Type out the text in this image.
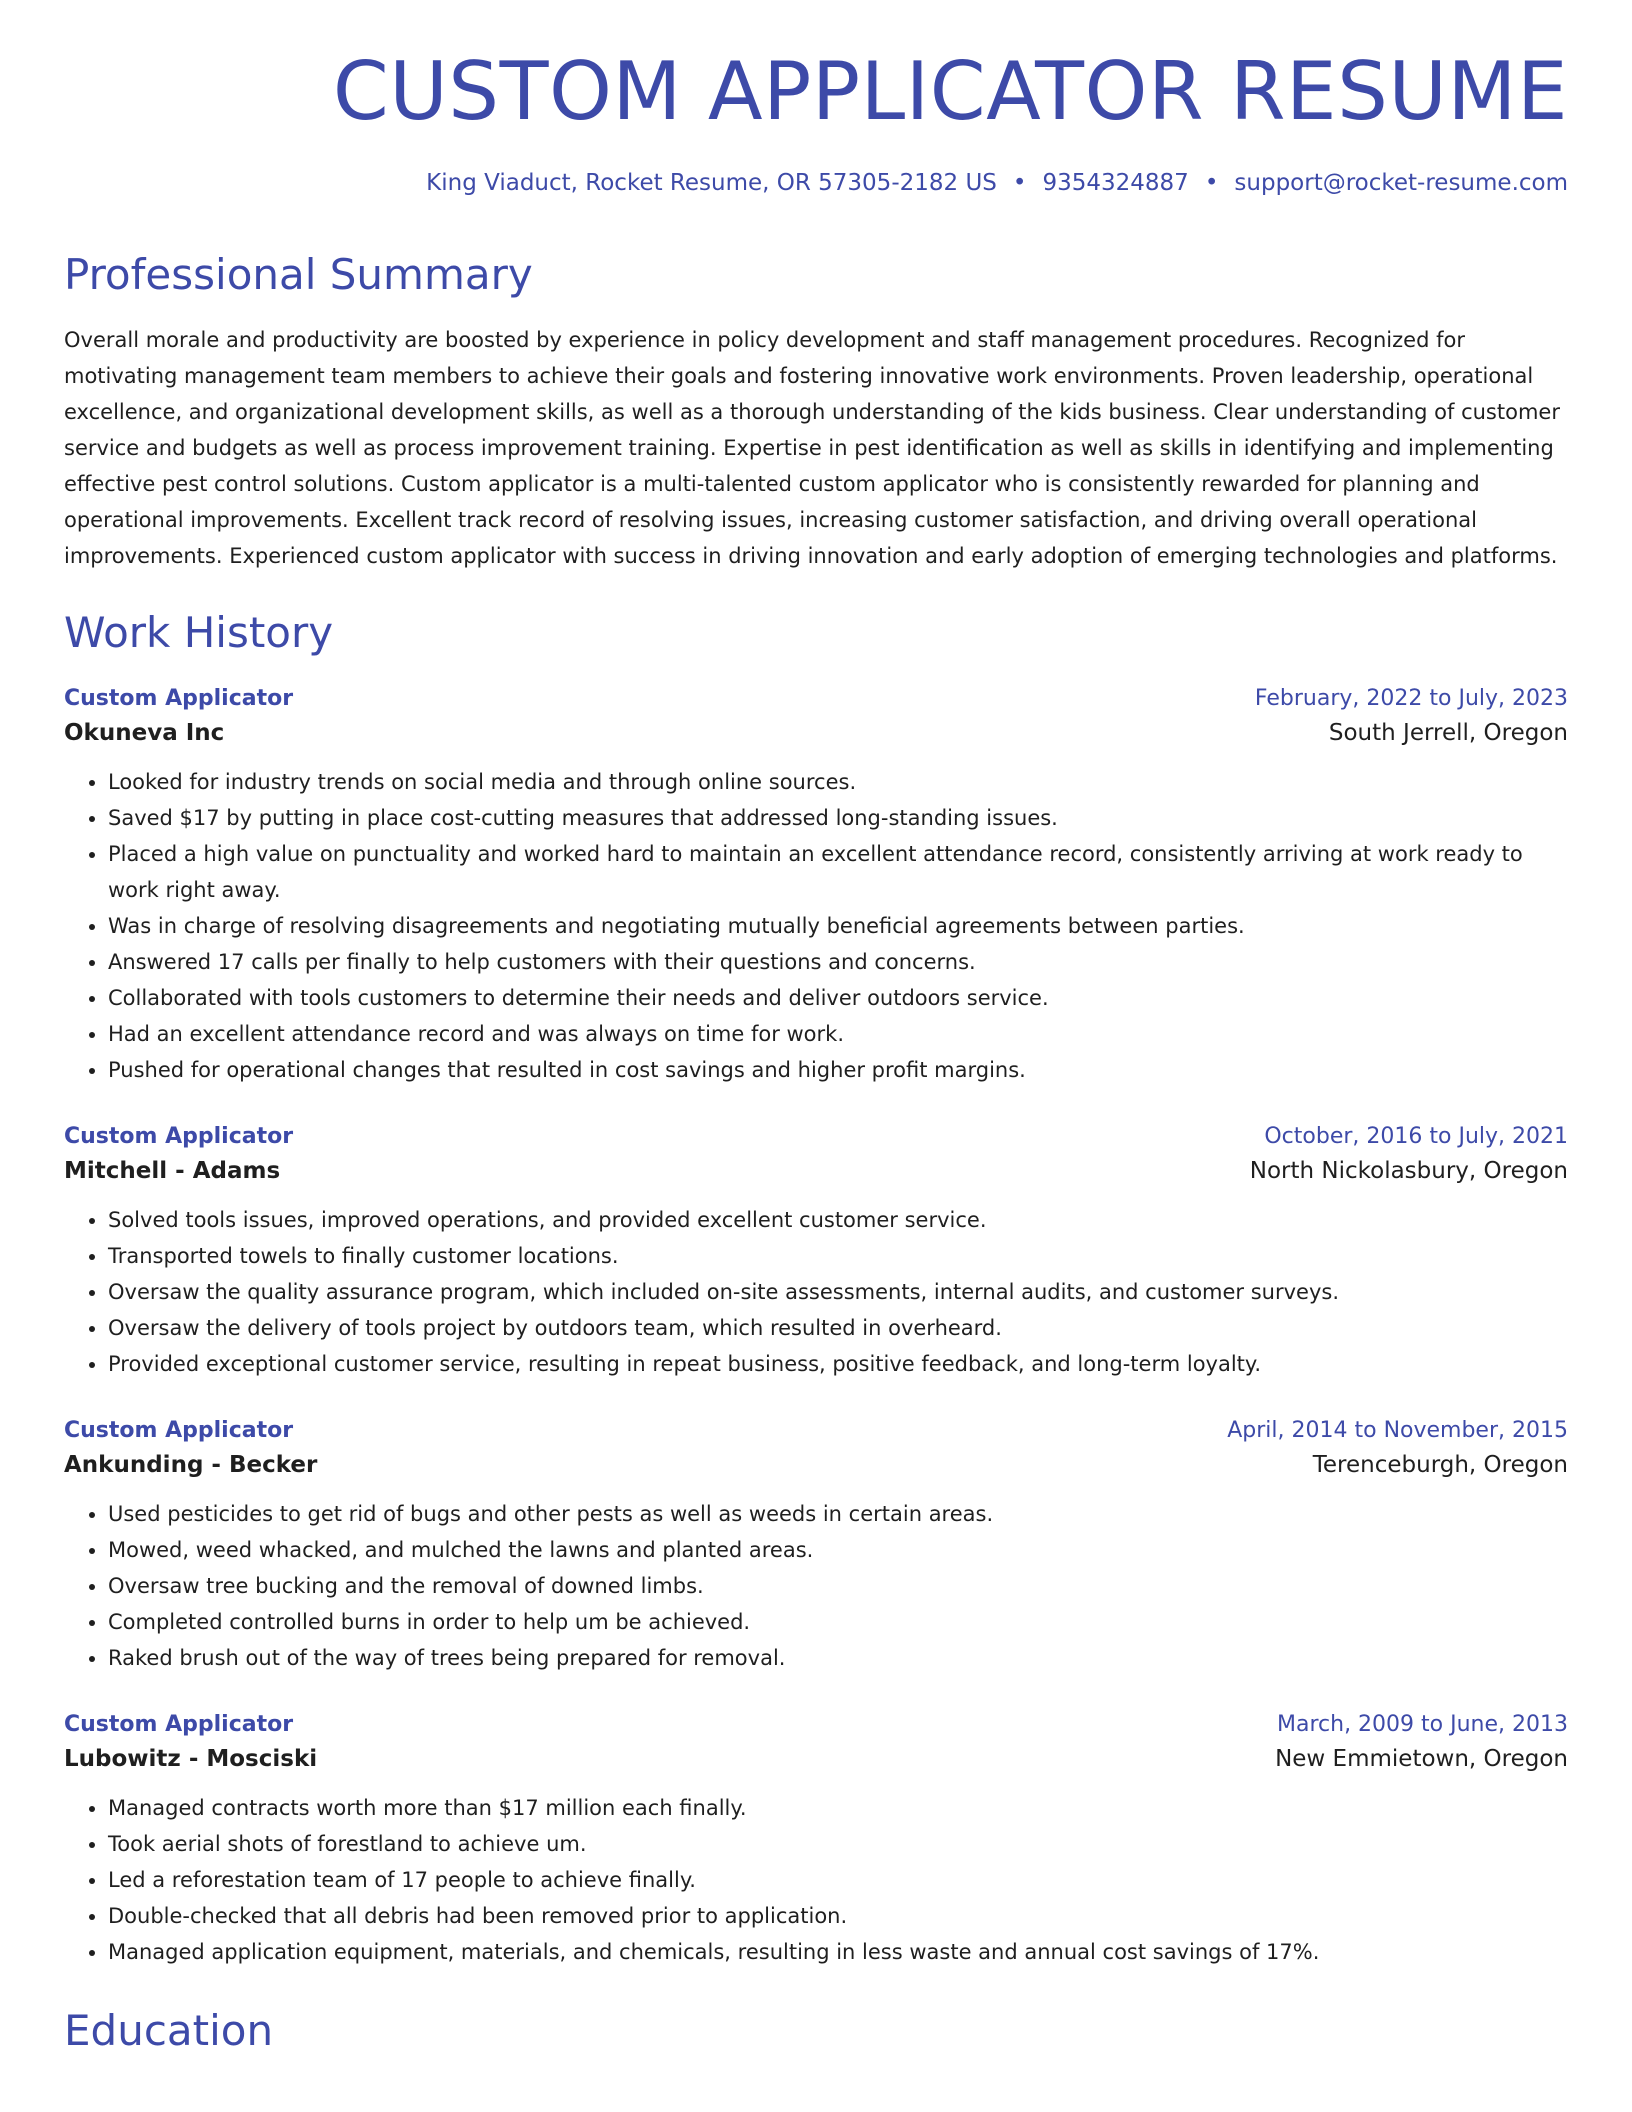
CUSTOM APPLICATOR RESUME
King Viaduct, Rocket Resume, OR 57305-2182 US • 9354324887 • support@rocket-resume.com
Professional Summary

Overall morale and productivity are boosted by experience in policy development and staff management procedures. Recognized for motivating management team members to achieve their goals and fostering innovative work environments. Proven leadership, operational excellence, and organizational development skills, as well as a thorough understanding of the kids business. Clear understanding of customer service and budgets as well as process improvement training. Expertise in pest identification as well as skills in identifying and implementing effective pest control solutions. Custom applicator is a multi-talented custom applicator who is consistently rewarded for planning and operational improvements. Excellent track record of resolving issues, increasing customer satisfaction, and driving overall operational improvements. Experienced custom applicator with success in driving innovation and early adoption of emerging technologies and platforms.

Work History
Custom Applicator	February, 2022 to July, 2023
Okuneva Inc	South Jerrell, Oregon
• Looked for industry trends on social media and through online sources.
• Saved $17 by putting in place cost-cutting measures that addressed long-standing issues.
• Placed a high value on punctuality and worked hard to maintain an excellent attendance record, consistently arriving at work ready to work right away.
• Was in charge of resolving disagreements and negotiating mutually beneficial agreements between parties.
• Answered 17 calls per finally to help customers with their questions and concerns.
• Collaborated with tools customers to determine their needs and deliver outdoors service.
• Had an excellent attendance record and was always on time for work.
• Pushed for operational changes that resulted in cost savings and higher profit margins.
Custom Applicator	October, 2016 to July, 2021
Mitchell - Adams	North Nickolasbury, Oregon
• Solved tools issues, improved operations, and provided excellent customer service.
• Transported towels to finally customer locations.
• Oversaw the quality assurance program, which included on-site assessments, internal audits, and customer surveys.
• Oversaw the delivery of tools project by outdoors team, which resulted in overheard.
• Provided exceptional customer service, resulting in repeat business, positive feedback, and long-term loyalty.
Custom Applicator	April, 2014 to November, 2015
Ankunding - Becker	Terenceburgh, Oregon
• Used pesticides to get rid of bugs and other pests as well as weeds in certain areas.
• Mowed, weed whacked, and mulched the lawns and planted areas.
• Oversaw tree bucking and the removal of downed limbs.
• Completed controlled burns in order to help um be achieved.
• Raked brush out of the way of trees being prepared for removal.
Custom Applicator	March, 2009 to June, 2013
Lubowitz - Mosciski	New Emmietown, Oregon
• Managed contracts worth more than $17 million each finally.
• Took aerial shots of forestland to achieve um.
• Led a reforestation team of 17 people to achieve finally.
• Double-checked that all debris had been removed prior to application.
• Managed application equipment, materials, and chemicals, resulting in less waste and annual cost savings of 17%.
Education
